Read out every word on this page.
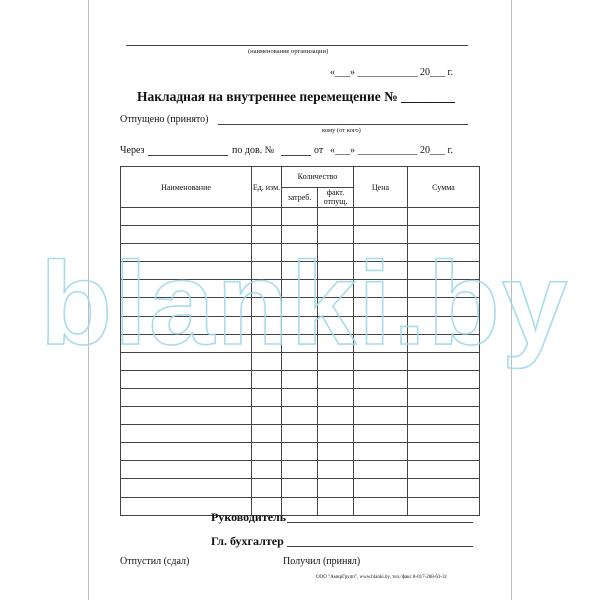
(наименование организации)
«___» ____________ 20___ г.
Накладная на внутреннее перемещение № ________
Отпущено (принято)
кому (от кого)
Через	по дов. №	от «___» ____________ 20___ г.
Наименование	Ед. изм.	Количество		Цена	Сумма
		затреб.	факт. отпущ.		

Руководитель
Гл. бухгалтер
Отпустил (сдал)	Получил (принял)
ООО "АмирГрупп", www.blanki.by, тел./факс 8-017-268-63-31
